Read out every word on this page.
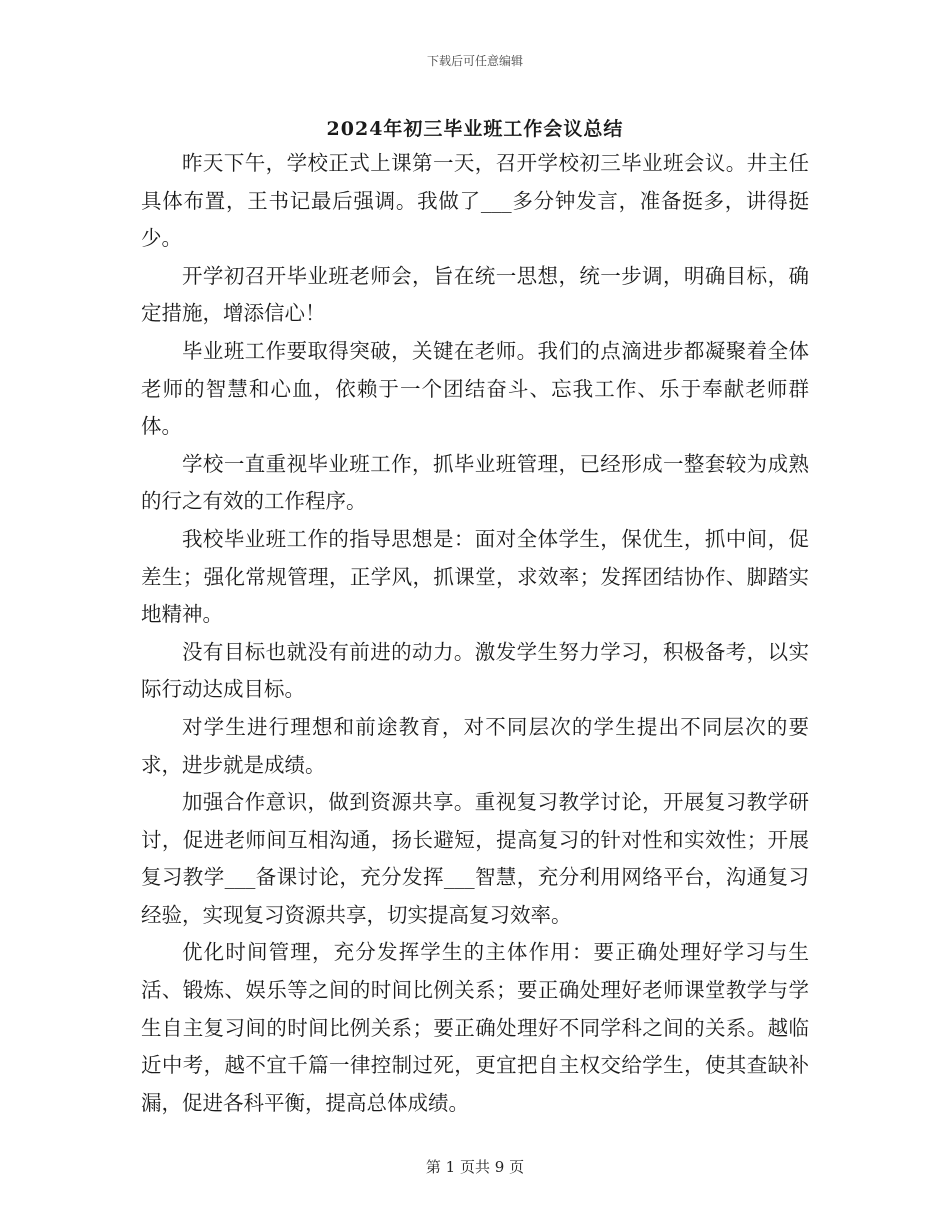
下载后可任意编辑
2024年初三毕业班工作会议总结

昨天下午，学校正式上课第一天，召开学校初三毕业班会议。井主任具体布置，王书记最后强调。我做了___多分钟发言，准备挺多，讲得挺少。

开学初召开毕业班老师会，旨在统一思想，统一步调，明确目标，确定措施，增添信心！

毕业班工作要取得突破，关键在老师。我们的点滴进步都凝聚着全体老师的智慧和心血，依赖于一个团结奋斗、忘我工作、乐于奉献老师群体。

学校一直重视毕业班工作，抓毕业班管理，已经形成一整套较为成熟的行之有效的工作程序。

我校毕业班工作的指导思想是：面对全体学生，保优生，抓中间，促差生；强化常规管理，正学风，抓课堂，求效率；发挥团结协作、脚踏实地精神。

没有目标也就没有前进的动力。激发学生努力学习，积极备考，以实际行动达成目标。

对学生进行理想和前途教育，对不同层次的学生提出不同层次的要求，进步就是成绩。

加强合作意识，做到资源共享。重视复习教学讨论，开展复习教学研讨，促进老师间互相沟通，扬长避短，提高复习的针对性和实效性；开展复习教学___备课讨论，充分发挥___智慧，充分利用网络平台，沟通复习经验，实现复习资源共享，切实提高复习效率。

优化时间管理，充分发挥学生的主体作用：要正确处理好学习与生活、锻炼、娱乐等之间的时间比例关系；要正确处理好老师课堂教学与学生自主复习间的时间比例关系；要正确处理好不同学科之间的关系。越临近中考，越不宜千篇一律控制过死，更宜把自主权交给学生，使其查缺补漏，促进各科平衡，提高总体成绩。

第 1 页共 9 页
